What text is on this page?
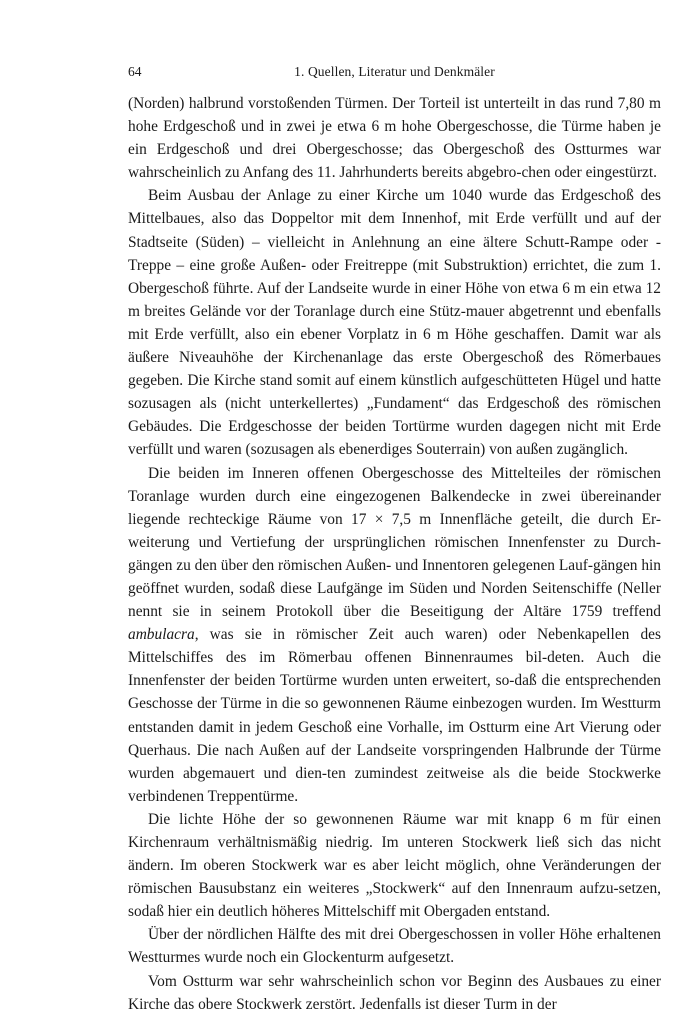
64	1. Quellen, Literatur und Denkmäler

(Norden) halbrund vorstoßenden Türmen. Der Torteil ist unterteilt in das rund 7,80 m hohe Erdgeschoß und in zwei je etwa 6 m hohe Obergeschosse, die Türme haben je ein Erdgeschoß und drei Obergeschosse; das Obergeschoß des Ostturmes war wahrscheinlich zu Anfang des 11. Jahrhunderts bereits abgebro-chen oder eingestürzt.

Beim Ausbau der Anlage zu einer Kirche um 1040 wurde das Erdgeschoß des Mittelbaues, also das Doppeltor mit dem Innenhof, mit Erde verfüllt und auf der Stadtseite (Süden) – vielleicht in Anlehnung an eine ältere Schutt-Rampe oder -Treppe – eine große Außen- oder Freitreppe (mit Substruktion) errichtet, die zum 1. Obergeschoß führte. Auf der Landseite wurde in einer Höhe von etwa 6 m ein etwa 12 m breites Gelände vor der Toranlage durch eine Stütz-mauer abgetrennt und ebenfalls mit Erde verfüllt, also ein ebener Vorplatz in 6 m Höhe geschaffen. Damit war als äußere Niveauhöhe der Kirchenanlage das erste Obergeschoß des Römerbaues gegeben. Die Kirche stand somit auf einem künstlich aufgeschütteten Hügel und hatte sozusagen als (nicht unterkellertes) „Fundament“ das Erdgeschoß des römischen Gebäudes. Die Erdgeschosse der beiden Tortürme wurden dagegen nicht mit Erde verfüllt und waren (sozusagen als ebenerdiges Souterrain) von außen zugänglich.

Die beiden im Inneren offenen Obergeschosse des Mittelteiles der römischen Toranlage wurden durch eine eingezogenen Balkendecke in zwei übereinander liegende rechteckige Räume von 17 × 7,5 m Innenfläche geteilt, die durch Er-weiterung und Vertiefung der ursprünglichen römischen Innenfenster zu Durch-gängen zu den über den römischen Außen- und Innentoren gelegenen Lauf-gängen hin geöffnet wurden, sodaß diese Laufgänge im Süden und Norden Seitenschiffe (Neller nennt sie in seinem Protokoll über die Beseitigung der Altäre 1759 treffend ambulacra, was sie in römischer Zeit auch waren) oder Nebenkapellen des Mittelschiffes des im Römerbau offenen Binnenraumes bil-deten. Auch die Innenfenster der beiden Tortürme wurden unten erweitert, so-daß die entsprechenden Geschosse der Türme in die so gewonnenen Räume einbezogen wurden. Im Westturm entstanden damit in jedem Geschoß eine Vorhalle, im Ostturm eine Art Vierung oder Querhaus. Die nach Außen auf der Landseite vorspringenden Halbrunde der Türme wurden abgemauert und dien-ten zumindest zeitweise als die beide Stockwerke verbindenen Treppentürme.

Die lichte Höhe der so gewonnenen Räume war mit knapp 6 m für einen Kirchenraum verhältnismäßig niedrig. Im unteren Stockwerk ließ sich das nicht ändern. Im oberen Stockwerk war es aber leicht möglich, ohne Veränderungen der römischen Bausubstanz ein weiteres „Stockwerk“ auf den Innenraum aufzu-setzen, sodaß hier ein deutlich höheres Mittelschiff mit Obergaden entstand.

Über der nördlichen Hälfte des mit drei Obergeschossen in voller Höhe erhaltenen Westturmes wurde noch ein Glockenturm aufgesetzt.

Vom Ostturm war sehr wahrscheinlich schon vor Beginn des Ausbaues zu einer Kirche das obere Stockwerk zerstört. Jedenfalls ist dieser Turm in der
